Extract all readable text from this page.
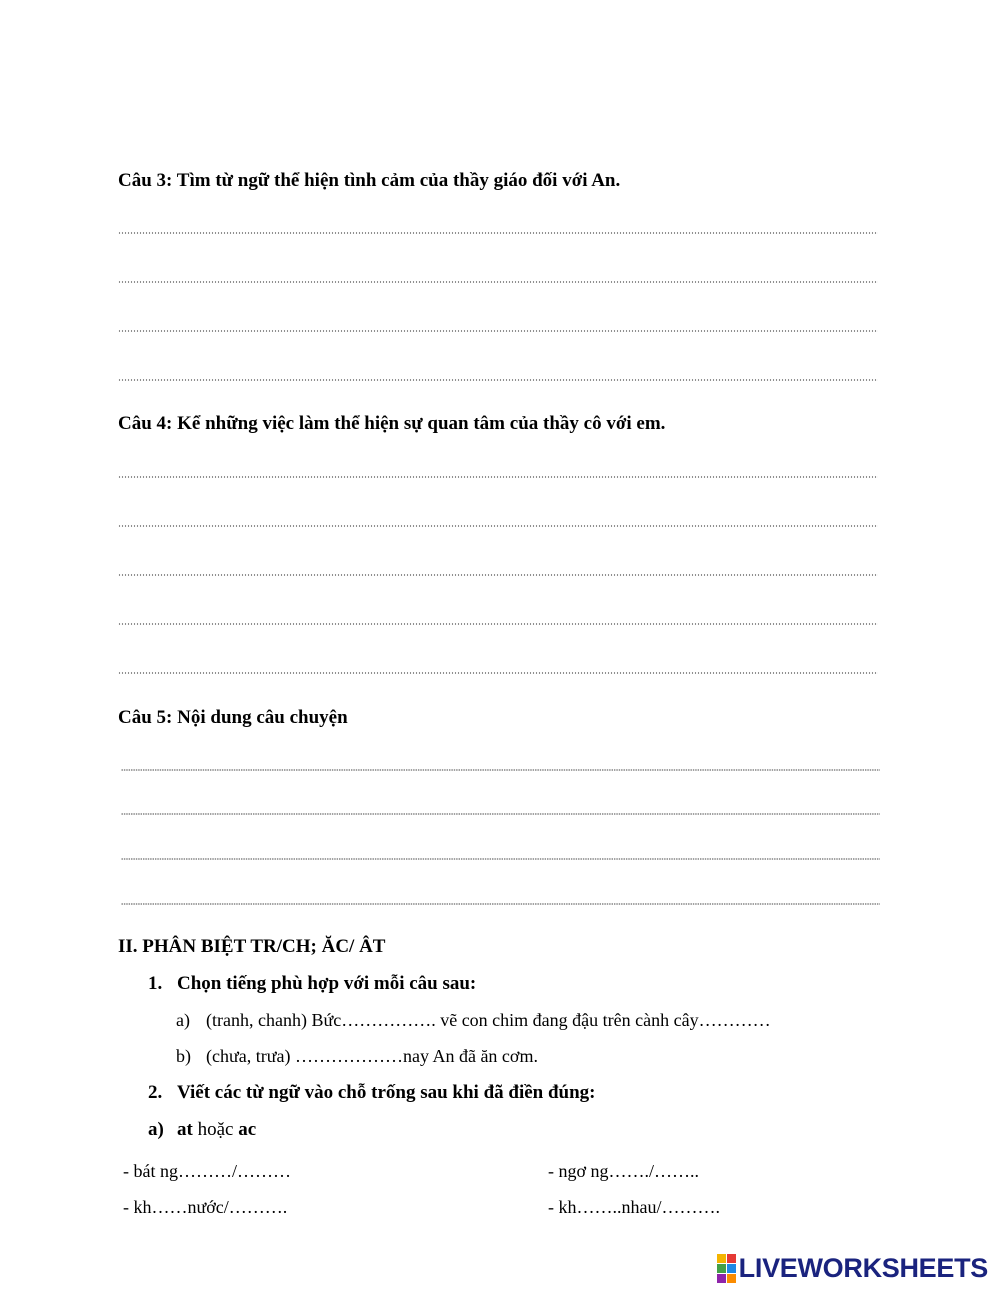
Câu 3: Tìm từ ngữ thể hiện tình cảm của thầy giáo đối với An.
Câu 4: Kể những việc làm thể hiện sự quan tâm của thầy cô với em.
Câu 5: Nội dung câu chuyện
II. PHÂN BIỆT TR/CH; ĂC/ ÂT
1. Chọn tiếng phù hợp với mỗi câu sau:
a) (tranh, chanh) Bức……………. vẽ con chim đang đậu trên cành cây…………
b) (chưa, trưa) ………………nay An đã ăn cơm.
2. Viết các từ ngữ vào chỗ trống sau khi đã điền đúng:
a) at hoặc ac
- bát ng………/………	- ngơ ng……./……..
- kh……nước/……….	- kh……..nhau/……….
LIVEWORKSHEETS
